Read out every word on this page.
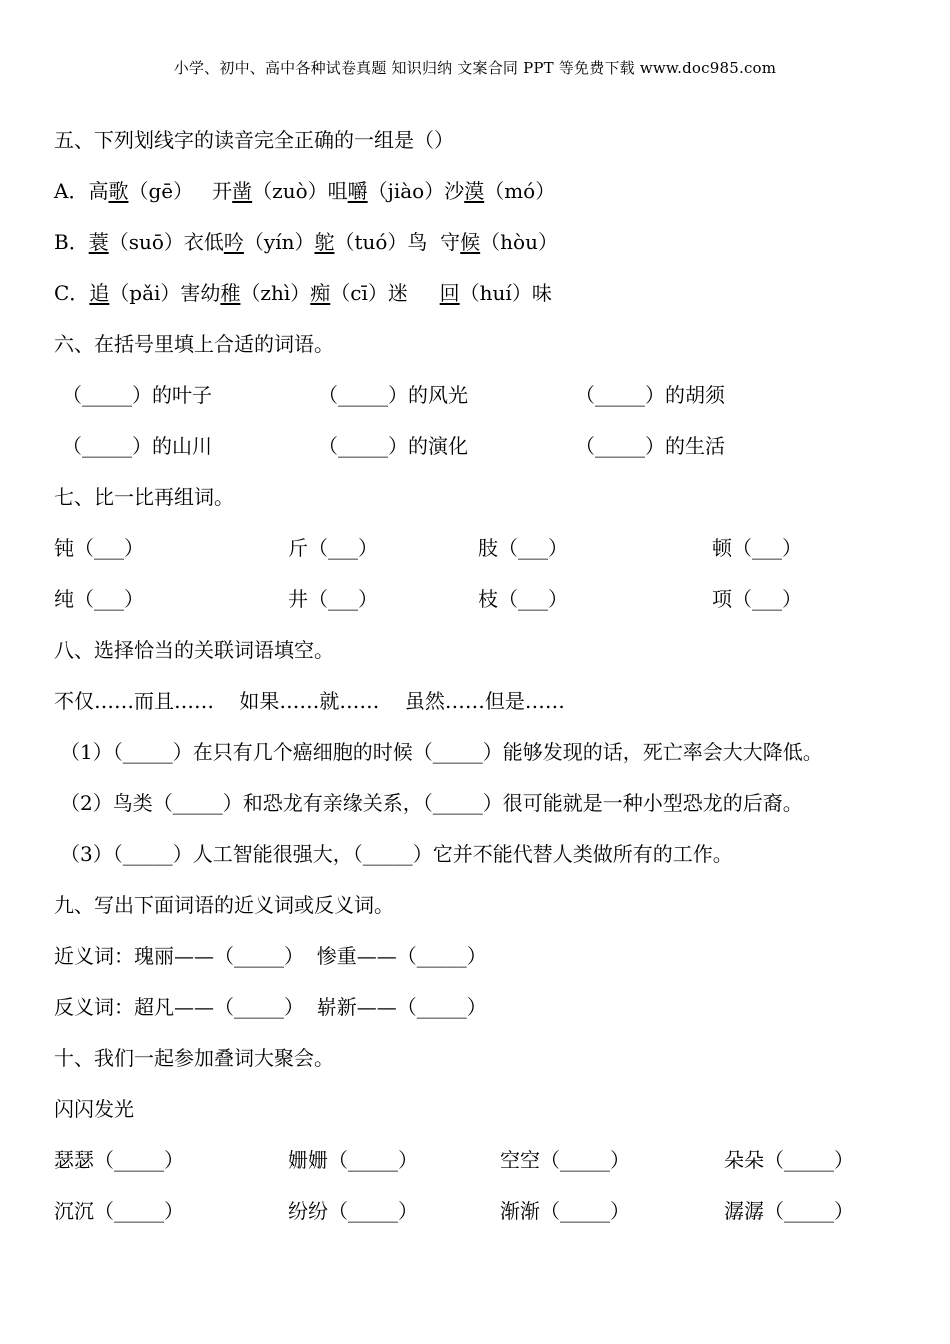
小学、初中、高中各种试卷真题 知识归纳 文案合同 PPT 等免费下载 www.doc985.com
五、下列划线字的读音完全正确的一组是（）
A．高歌（gē）   开凿（zuò）咀嚼（jiào）沙漠（mó）
B．蓑（suō）衣低吟（yín）鸵（tuó）鸟  守候（hòu）
C．追（pǎi）害幼稚（zhì）痴（cī）迷     回（huí）味
六、在括号里填上合适的词语。
（_____）的叶子	（_____）的风光	（_____）的胡须
（_____）的山川	（_____）的演化	（_____）的生活
七、比一比再组词。
钝（___）	斤（___）	肢（___）	顿（___）
纯（___）	井（___）	枝（___）	项（___）
八、选择恰当的关联词语填空。
不仅……而且……    如果……就……    虽然……但是……
（1）（_____）在只有几个癌细胞的时候（_____）能够发现的话，死亡率会大大降低。
（2）鸟类（_____）和恐龙有亲缘关系，（_____）很可能就是一种小型恐龙的后裔。
（3）（_____）人工智能很强大，（_____）它并不能代替人类做所有的工作。
九、写出下面词语的近义词或反义词。
近义词：瑰丽——（_____）  惨重——（_____）
反义词：超凡——（_____）  崭新——（_____）
十、我们一起参加叠词大聚会。
闪闪发光
瑟瑟（_____）	姗姗（_____）	空空（_____）	朵朵（_____）
沉沉（_____）	纷纷（_____）	渐渐（_____）	潺潺（_____）
